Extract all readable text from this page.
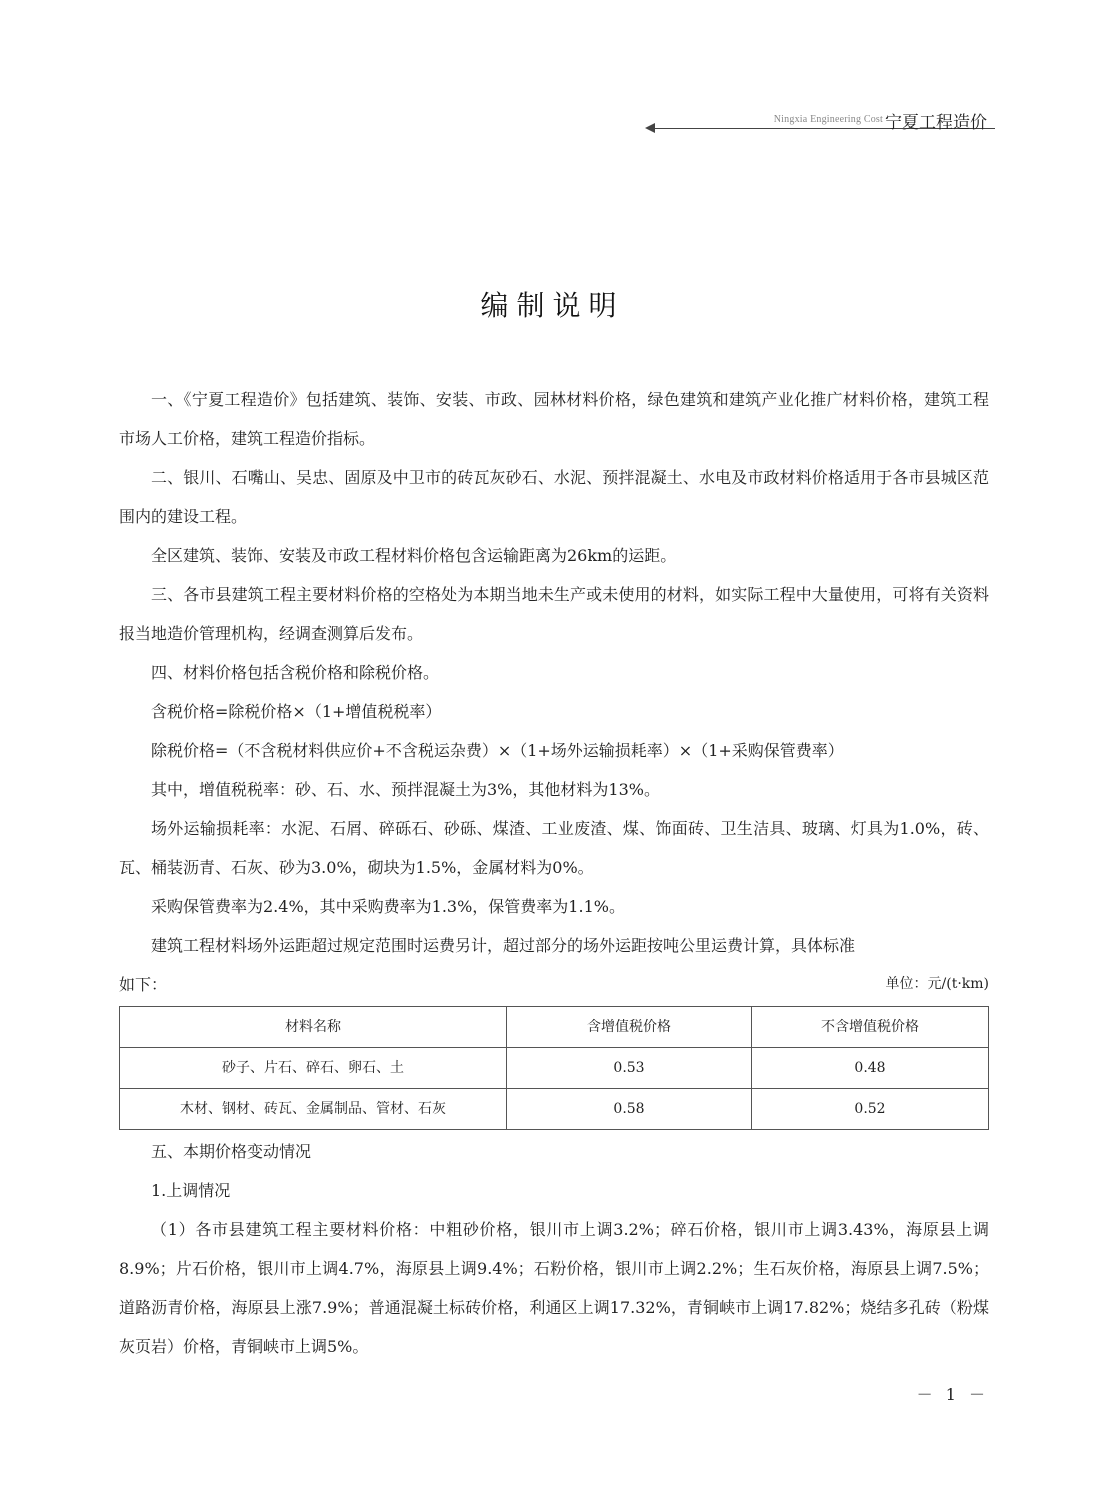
Ningxia Engineering Cost 宁夏工程造价
编制说明

一、《宁夏工程造价》包括建筑、装饰、安装、市政、园林材料价格，绿色建筑和建筑产业化推广材料价格，建筑工程市场人工价格，建筑工程造价指标。

二、银川、石嘴山、吴忠、固原及中卫市的砖瓦灰砂石、水泥、预拌混凝土、水电及市政材料价格适用于各市县城区范围内的建设工程。

全区建筑、装饰、安装及市政工程材料价格包含运输距离为26km的运距。

三、各市县建筑工程主要材料价格的空格处为本期当地未生产或未使用的材料，如实际工程中大量使用，可将有关资料报当地造价管理机构，经调查测算后发布。

四、材料价格包括含税价格和除税价格。

含税价格=除税价格×（1+增值税税率）

除税价格=（不含税材料供应价+不含税运杂费）×（1+场外运输损耗率）×（1+采购保管费率）

其中，增值税税率：砂、石、水、预拌混凝土为3%，其他材料为13%。

场外运输损耗率：水泥、石屑、碎砾石、砂砾、煤渣、工业废渣、煤、饰面砖、卫生洁具、玻璃、灯具为1.0%，砖、瓦、桶装沥青、石灰、砂为3.0%，砌块为1.5%，金属材料为0%。

采购保管费率为2.4%，其中采购费率为1.3%，保管费率为1.1%。

建筑工程材料场外运距超过规定范围时运费另计，超过部分的场外运距按吨公里运费计算，具体标准

如下：	单位：元/(t·km)
材料名称	含增值税价格	不含增值税价格
砂子、片石、碎石、卵石、土	0.53	0.48
木材、钢材、砖瓦、金属制品、管材、石灰	0.58	0.52

五、本期价格变动情况

1.上调情况

（1）各市县建筑工程主要材料价格：中粗砂价格，银川市上调3.2%；碎石价格，银川市上调3.43%，海原县上调8.9%；片石价格，银川市上调4.7%，海原县上调9.4%；石粉价格，银川市上调2.2%；生石灰价格，海原县上调7.5%；道路沥青价格，海原县上涨7.9%；普通混凝土标砖价格，利通区上调17.32%，青铜峡市上调17.82%；烧结多孔砖（粉煤灰页岩）价格，青铜峡市上调5%。

－ 1 －
